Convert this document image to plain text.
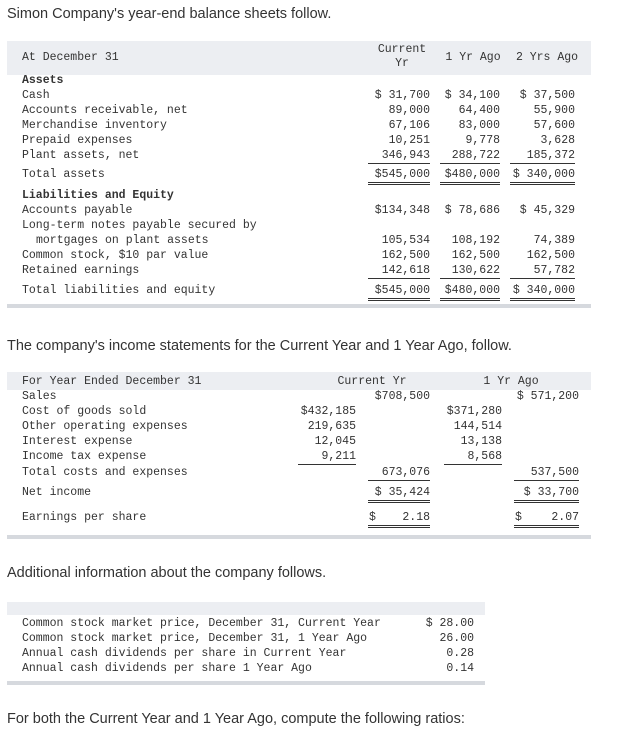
Simon Company's year-end balance sheets follow.
At December 31
Current
Yr	1 Yr Ago	2 Yrs Ago
Assets
Cash	$ 31,700	$ 34,100	$ 37,500
Accounts receivable, net	89,000	64,400	55,900
Merchandise inventory	67,106	83,000	57,600
Prepaid expenses	10,251	9,778	3,628
Plant assets, net	346,943	288,722	185,372
Total assets	$545,000	$480,000 $ 340,000
Liabilities and Equity
Accounts payable	$134,348	$ 78,686	$ 45,329
Long-term notes payable secured by
mortgages on plant assets	105,534	108,192	74,389
Common stock, $10 par value	162,500	162,500	162,500
Retained earnings	142,618	130,622	57,782
Total liabilities and equity	$545,000	$480,000 $ 340,000
The company's income statements for the Current Year and 1 Year Ago, follow.
For Year Ended December 31	Current Yr	1 Yr Ago
Sales	$708,500	$ 571,200
Cost of goods sold	$432,185	$371,280
Other operating expenses	219,635	144,514
Interest expense	12,045	13,138
Income tax expense	9,211	8,568
Total costs and expenses	673,076	537,500
Net income	$ 35,424	$ 33,700
Earnings per share	$ 2.18	$	2.07
Additional information about the company follows.
Common stock market price, December 31, Current Year	$ 28.00
Common stock market price, December 31, 1 Year Ago	26.00
Annual cash dividends per share in Current Year	0.28
Annual cash dividends per share 1 Year Ago	0.14
For both the Current Year and 1 Year Ago, compute the following ratios:
